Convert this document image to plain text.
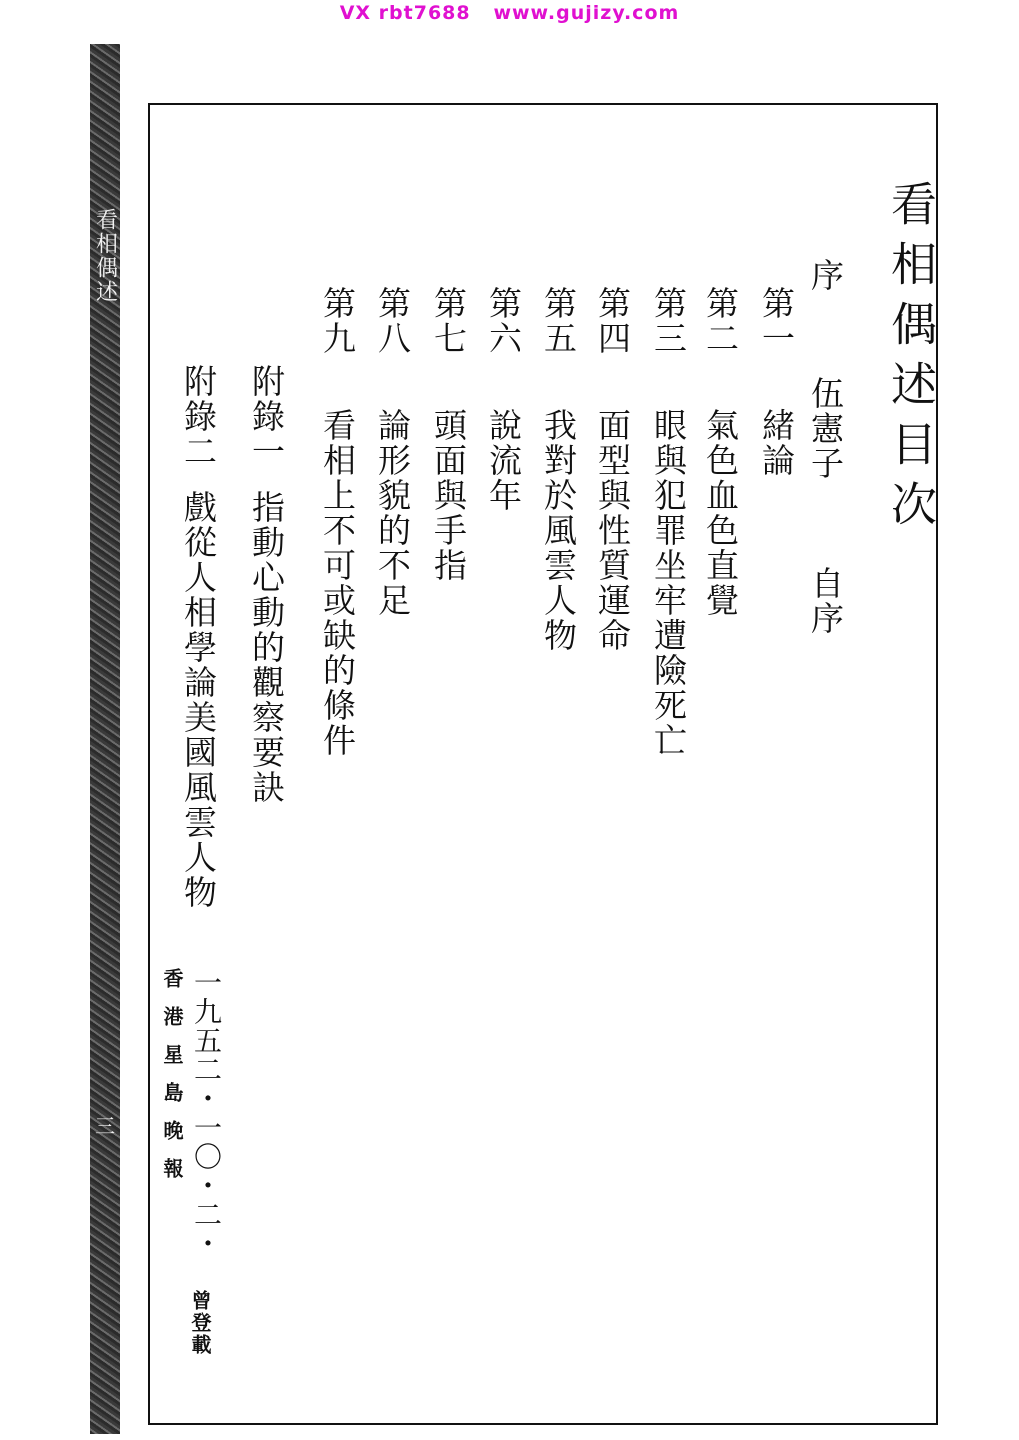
VX rbt7688   www.gujizy.com
看相偶述
三
看相偶述目次
序
伍憲子
自序
第一
緒論
第二
氣色血色直覺
第三
眼與犯罪坐牢遭險死亡
第四
面型與性質運命
第五
我對於風雲人物
第六
說流年
第七
頭面與手指
第八
論形貌的不足
第九
看相上不可或缺的條件
附錄一
指動心動的觀察要訣
附錄二
戲從人相學論美國風雲人物
一九五二・一〇・二・
曾登載
香港星島晚報
